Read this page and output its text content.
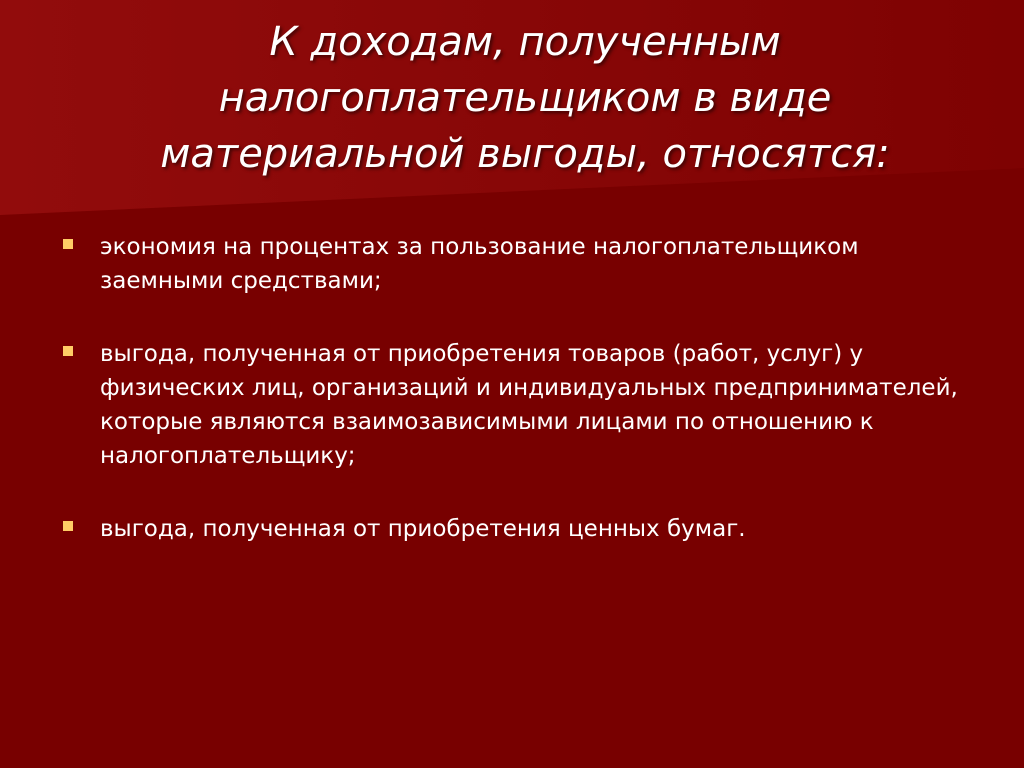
К доходам, полученным налогоплательщиком в виде материальной выгоды, относятся:
экономия на процентах за пользование налогоплательщиком заемными средствами;
выгода, полученная от приобретения товаров (работ, услуг) у физических лиц, организаций и индивидуальных предпринимателей, которые являются взаимозависимыми лицами по отношению к налогоплательщику;
выгода, полученная от приобретения ценных бумаг.
